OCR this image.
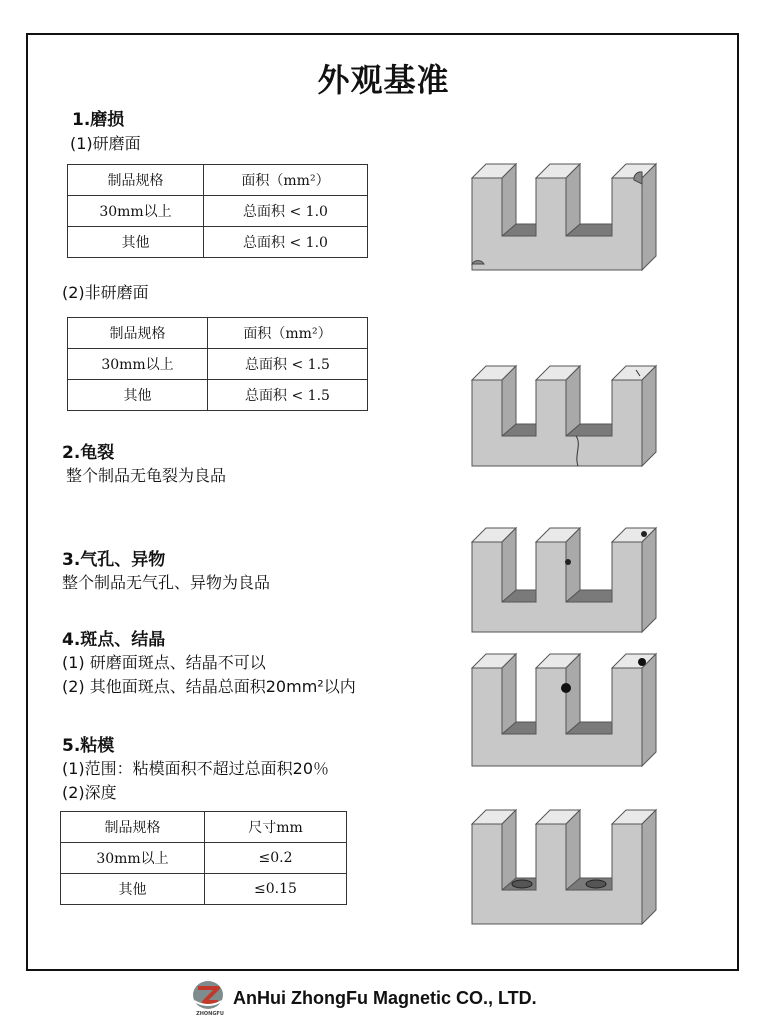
外观基准
1.磨损
(1)研磨面
制品规格	面积（mm²）
30mm以上	总面积 < 1.0
其他	总面积 < 1.0
(2)非研磨面
制品规格	面积（mm²）
30mm以上	总面积 < 1.5
其他	总面积 < 1.5
2.龟裂
整个制品无龟裂为良品
3.气孔、异物
整个制品无气孔、异物为良品
4.斑点、结晶
(1) 研磨面斑点、结晶不可以
(2) 其他面斑点、结晶总面积20mm²以内
5.粘模
(1)范围：粘模面积不超过总面积20％
(2)深度
制品规格	尺寸mm
30mm以上	≤0.2
其他	≤0.15
ZHONGFU
AnHui ZhongFu Magnetic CO., LTD.
